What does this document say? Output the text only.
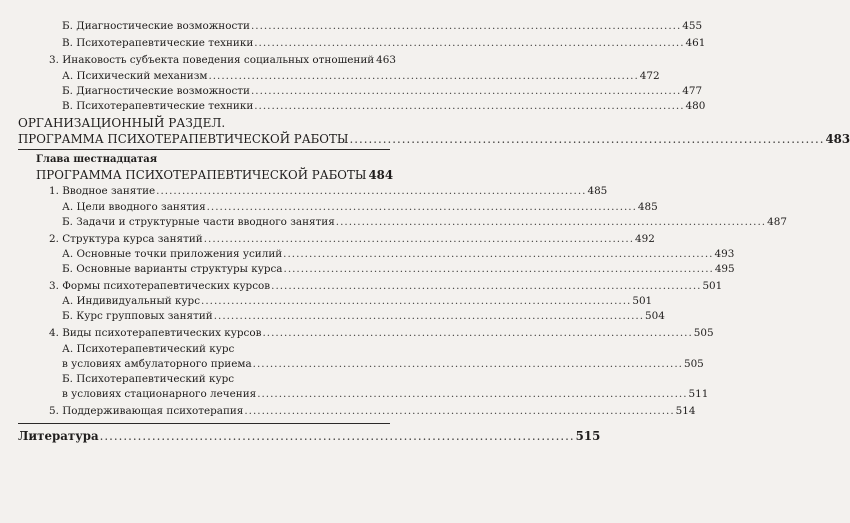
Б. Диагностические возможности .................................................................................................... 455
В. Психотерапевтические техники .................................................................................................... 461
3. Инаковость субъекта поведения социальных отношений 463
А. Психический механизм .................................................................................................... 472
Б. Диагностические возможности .................................................................................................... 477
В. Психотерапевтические техники .................................................................................................... 480
ОРГАНИЗАЦИОННЫЙ РАЗДЕЛ.
ПРОГРАММА ПСИХОТЕРАПЕВТИЧЕСКОЙ РАБОТЫ .................................................................................................... 483
Глава шестнадцатая
ПРОГРАММА ПСИХОТЕРАПЕВТИЧЕСКОЙ РАБОТЫ 484
1. Вводное занятие .................................................................................................... 485
А. Цели вводного занятия .................................................................................................... 485
Б. Задачи и структурные части вводного занятия .................................................................................................... 487
2. Структура курса занятий .................................................................................................... 492
А. Основные точки приложения усилий .................................................................................................... 493
Б. Основные варианты структуры курса .................................................................................................... 495
3. Формы психотерапевтических курсов .................................................................................................... 501
А. Индивидуальный курс .................................................................................................... 501
Б. Курс групповых занятий .................................................................................................... 504
4. Виды психотерапевтических курсов .................................................................................................... 505
А. Психотерапевтический курс
в условиях амбулаторного приема .................................................................................................... 505
Б. Психотерапевтический курс
в условиях стационарного лечения .................................................................................................... 511
5. Поддерживающая психотерапия .................................................................................................... 514
Литература .................................................................................................... 515
